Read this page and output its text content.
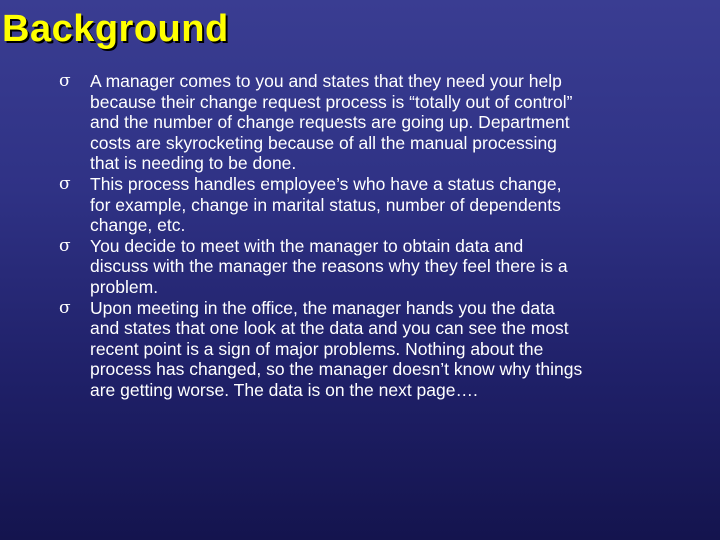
Background
σ A manager comes to you and states that they need your help
because their change request process is “totally out of control”
and the number of change requests are going up. Department
costs are skyrocketing because of all the manual processing
that is needing to be done.
σ This process handles employee’s who have a status change,
for example, change in marital status, number of dependents
change, etc.
σ You decide to meet with the manager to obtain data and
discuss with the manager the reasons why they feel there is a
problem.
σ Upon meeting in the office, the manager hands you the data
and states that one look at the data and you can see the most
recent point is a sign of major problems. Nothing about the
process has changed, so the manager doesn’t know why things
are getting worse. The data is on the next page….
